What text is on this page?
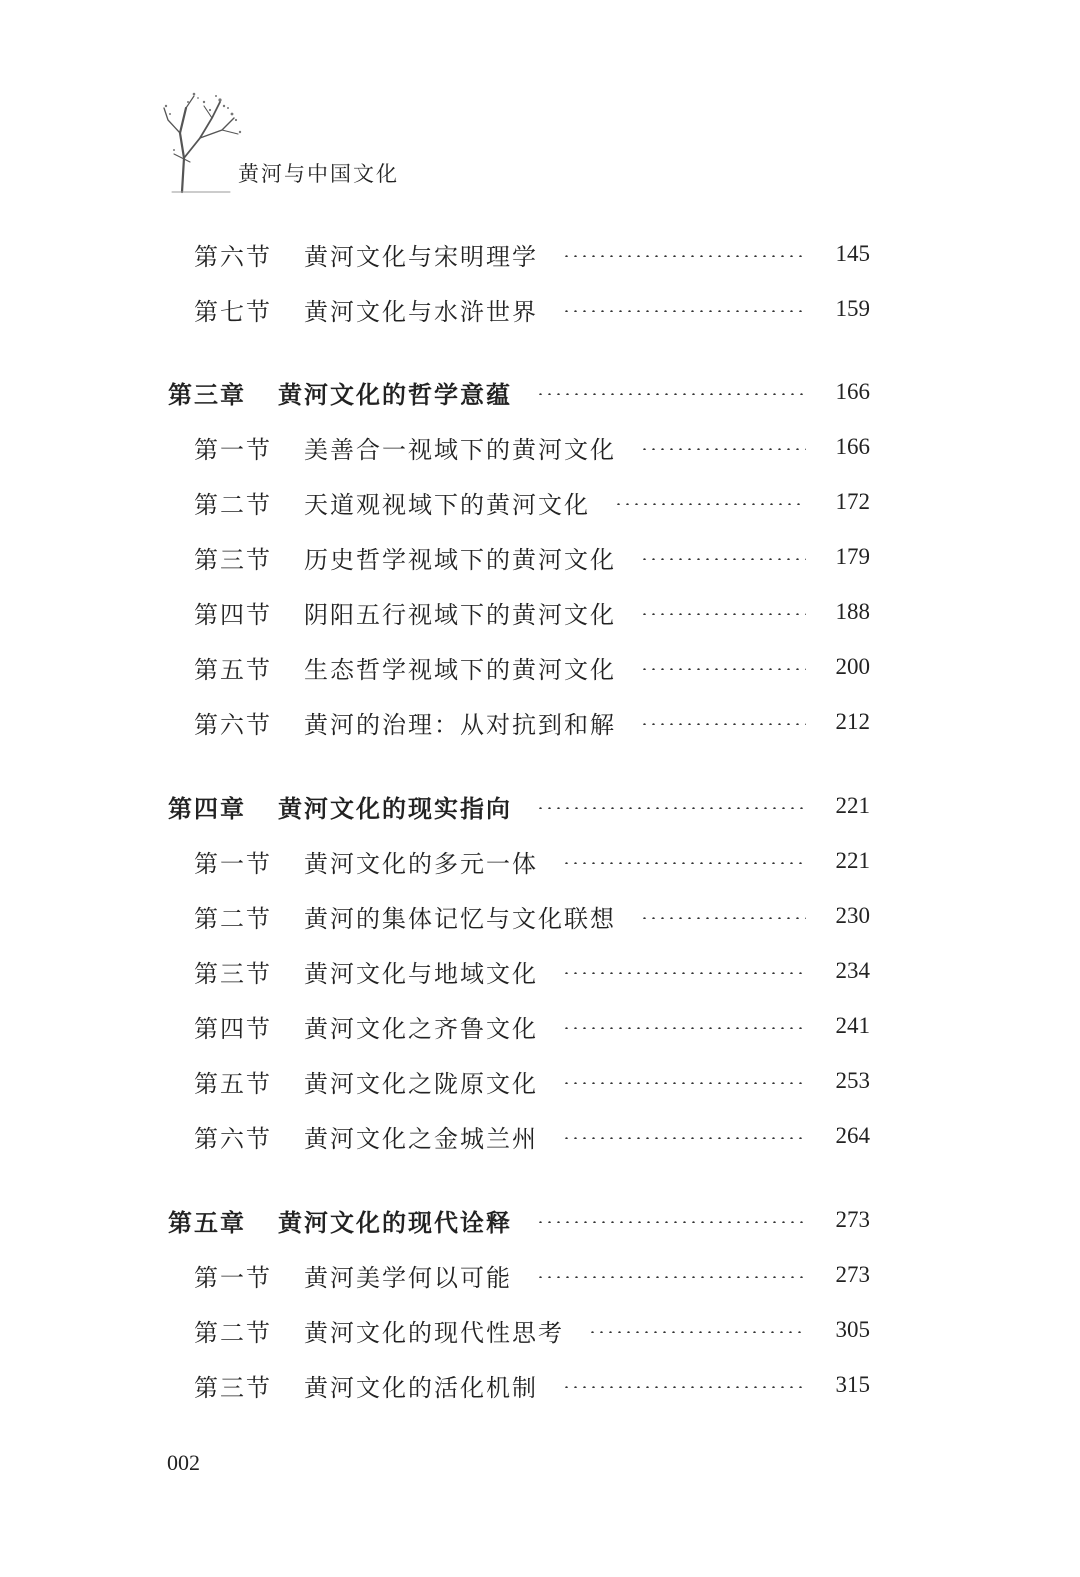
黄河与中国文化
第六节 黄河文化与宋明理学	145
第七节 黄河文化与水浒世界	159
第三章 黄河文化的哲学意蕴	166
第一节 美善合一视域下的黄河文化	166
第二节 天道观视域下的黄河文化	172
第三节 历史哲学视域下的黄河文化	179
第四节 阴阳五行视域下的黄河文化	188
第五节 生态哲学视域下的黄河文化	200
第六节 黄河的治理：从对抗到和解	212
第四章 黄河文化的现实指向	221
第一节 黄河文化的多元一体	221
第二节 黄河的集体记忆与文化联想	230
第三节 黄河文化与地域文化	234
第四节 黄河文化之齐鲁文化	241
第五节 黄河文化之陇原文化	253
第六节 黄河文化之金城兰州	264
第五章 黄河文化的现代诠释	273
第一节 黄河美学何以可能	273
第二节 黄河文化的现代性思考	305
第三节 黄河文化的活化机制	315
002
